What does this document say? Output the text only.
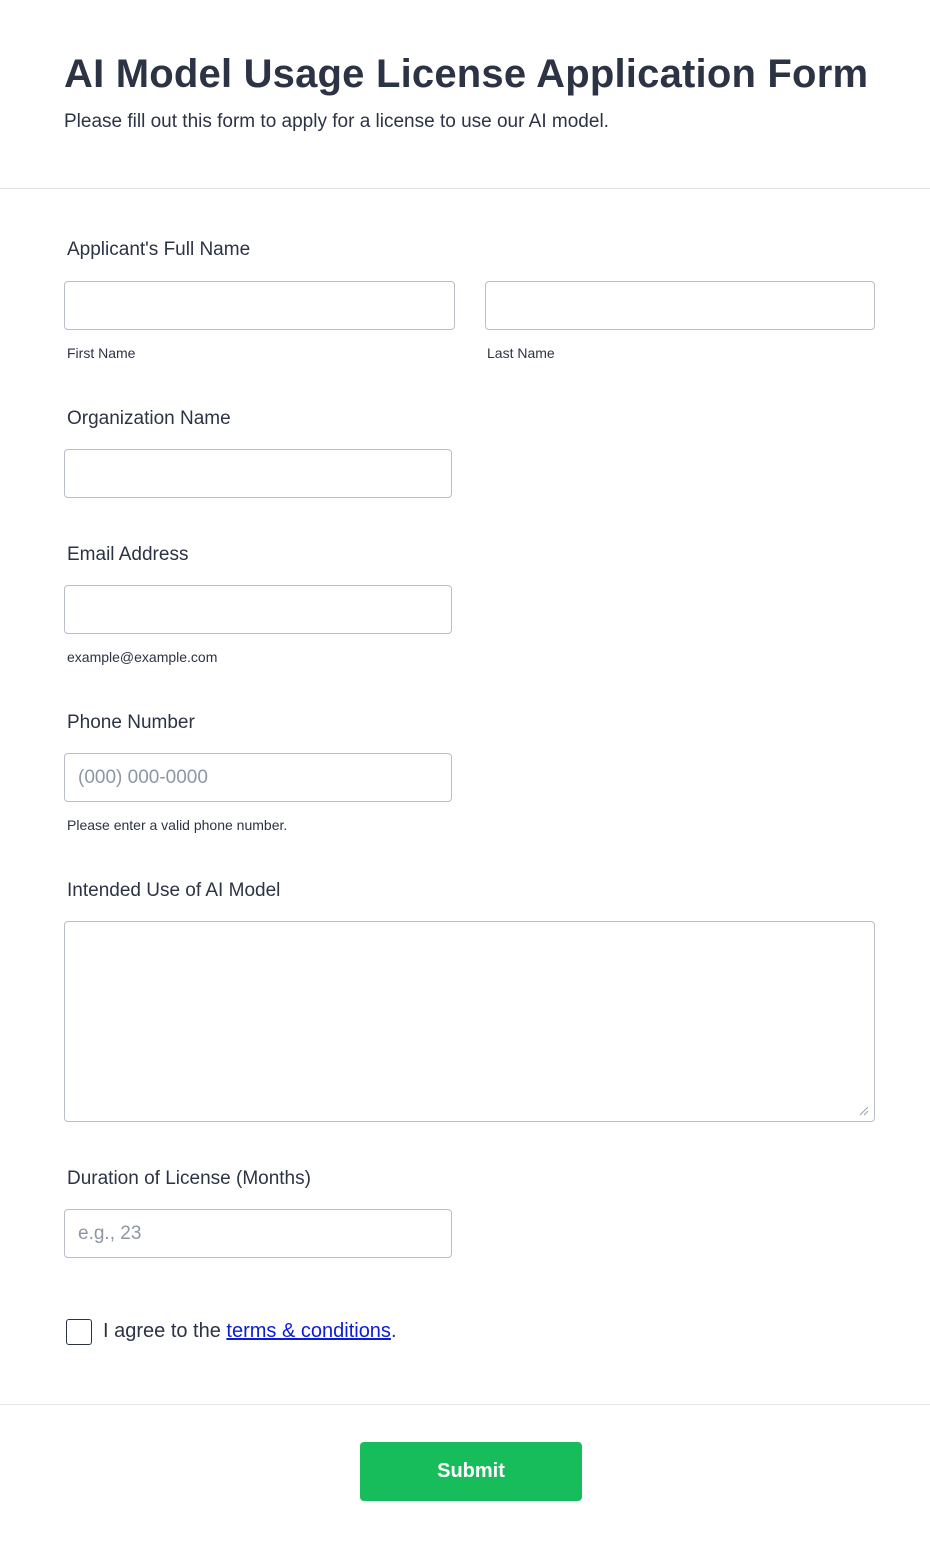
AI Model Usage License Application Form
Please fill out this form to apply for a license to use our AI model.
Applicant's Full Name
First Name	Last Name
Organization Name
Email Address
example@example.com
Phone Number
(000) 000-0000
Please enter a valid phone number.
Intended Use of AI Model
Duration of License (Months)
e.g., 23
I agree to the terms & conditions.
Submit
